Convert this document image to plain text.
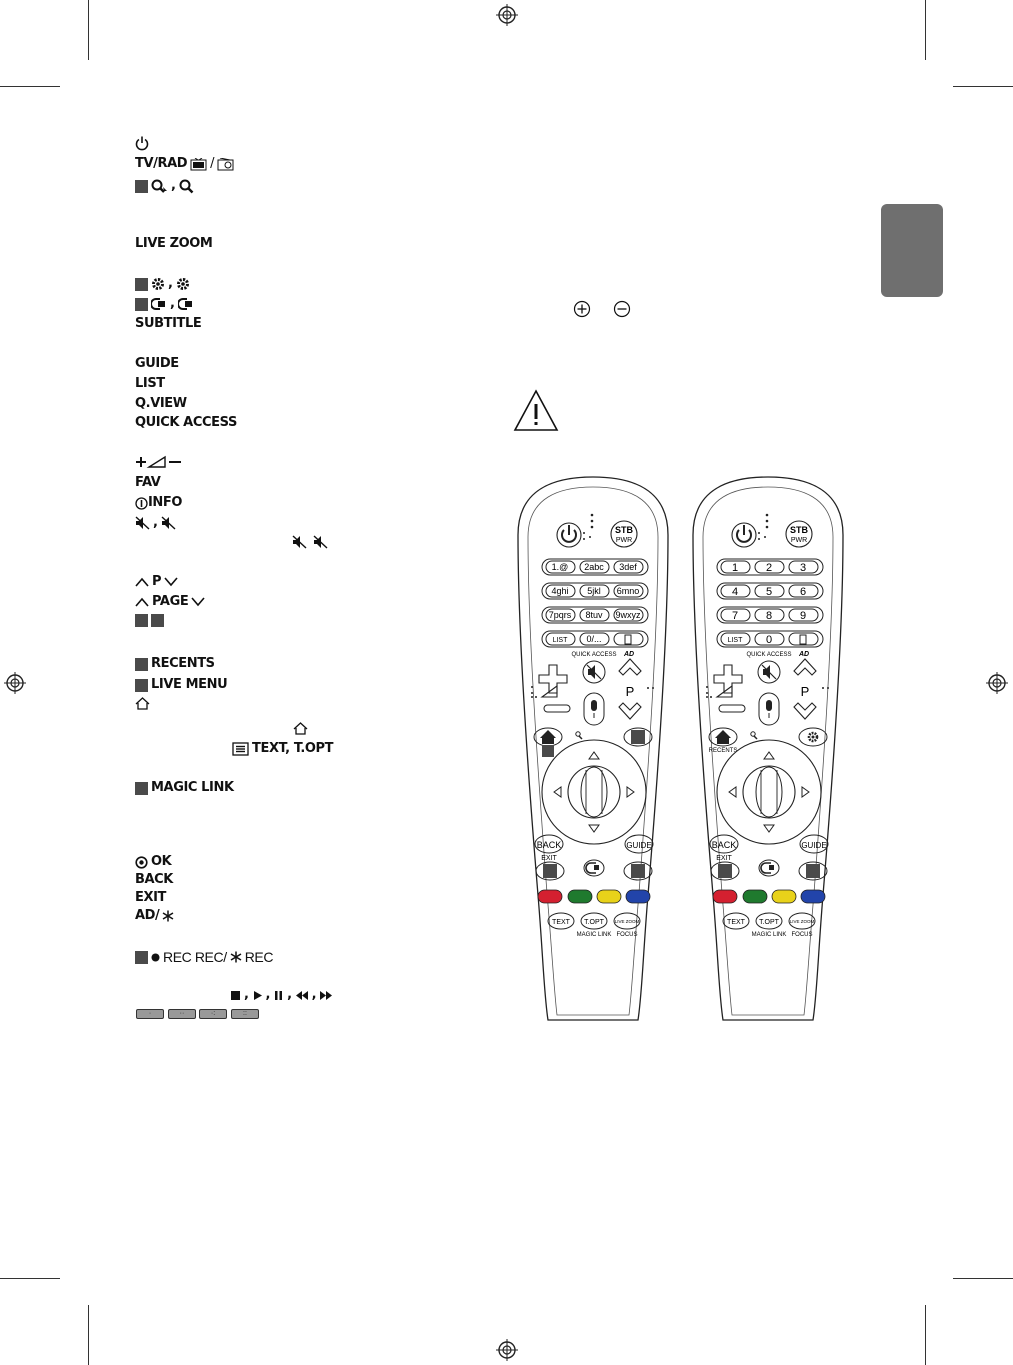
TV/RAD /
,
LIVE ZOOM
,
,
SUBTITLE
GUIDE
LIST
Q.VIEW
QUICK ACCESS
FAV
INFO
,
P
PAGE
RECENTS
LIVE MENU
TEXT, T.OPT
MAGIC LINK
OK
BACK
EXIT
AD/
REC REC/ REC
, , , ,
·	··	·:	::
STB
PWR
1.@ 2abc 3def
4ghi 5jkl 6mno
7pqrs 8tuv 9wxyz
LIST 0/...
QUICK ACCESS AD
P
BACK	GUIDE
EXIT
TEXT T.OPT LIVE ZOOM
MAGIC LINK FOCUS
STB
PWR
1	2	3
4	5	6
7	8	9
LIST 0
QUICK ACCESS AD
P
RECENTS
BACK	GUIDE
EXIT
TEXT T.OPT LIVE ZOOM
MAGIC LINK FOCUS
